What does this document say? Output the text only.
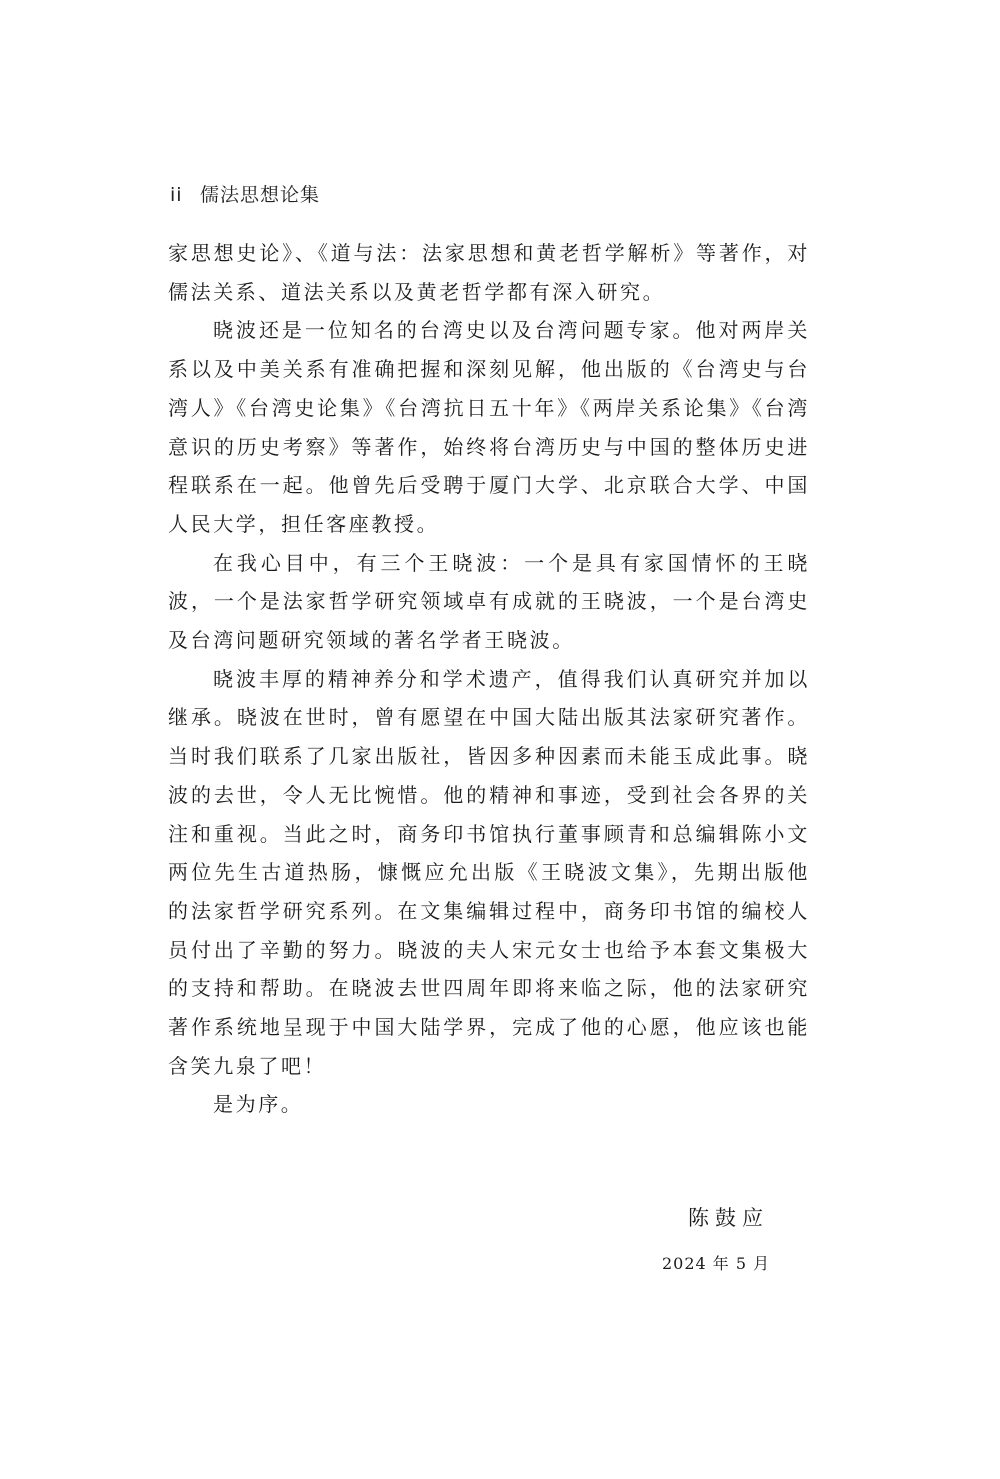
ii 儒法思想论集

家思想史论》、《道与法：法家思想和黄老哲学解析》等著作，对儒法关系、道法关系以及黄老哲学都有深入研究。

晓波还是一位知名的台湾史以及台湾问题专家。他对两岸关系以及中美关系有准确把握和深刻见解，他出版的《台湾史与台湾人》《台湾史论集》《台湾抗日五十年》《两岸关系论集》《台湾意识的历史考察》等著作，始终将台湾历史与中国的整体历史进程联系在一起。他曾先后受聘于厦门大学、北京联合大学、中国人民大学，担任客座教授。

在我心目中，有三个王晓波：一个是具有家国情怀的王晓波，一个是法家哲学研究领域卓有成就的王晓波，一个是台湾史及台湾问题研究领域的著名学者王晓波。

晓波丰厚的精神养分和学术遗产，值得我们认真研究并加以继承。晓波在世时，曾有愿望在中国大陆出版其法家研究著作。当时我们联系了几家出版社，皆因多种因素而未能玉成此事。晓波的去世，令人无比惋惜。他的精神和事迹，受到社会各界的关注和重视。当此之时，商务印书馆执行董事顾青和总编辑陈小文两位先生古道热肠，慷慨应允出版《王晓波文集》，先期出版他的法家哲学研究系列。在文集编辑过程中，商务印书馆的编校人员付出了辛勤的努力。晓波的夫人宋元女士也给予本套文集极大的支持和帮助。在晓波去世四周年即将来临之际，他的法家研究著作系统地呈现于中国大陆学界，完成了他的心愿，他应该也能含笑九泉了吧！

是为序。

陈鼓应
2024 年 5 月
